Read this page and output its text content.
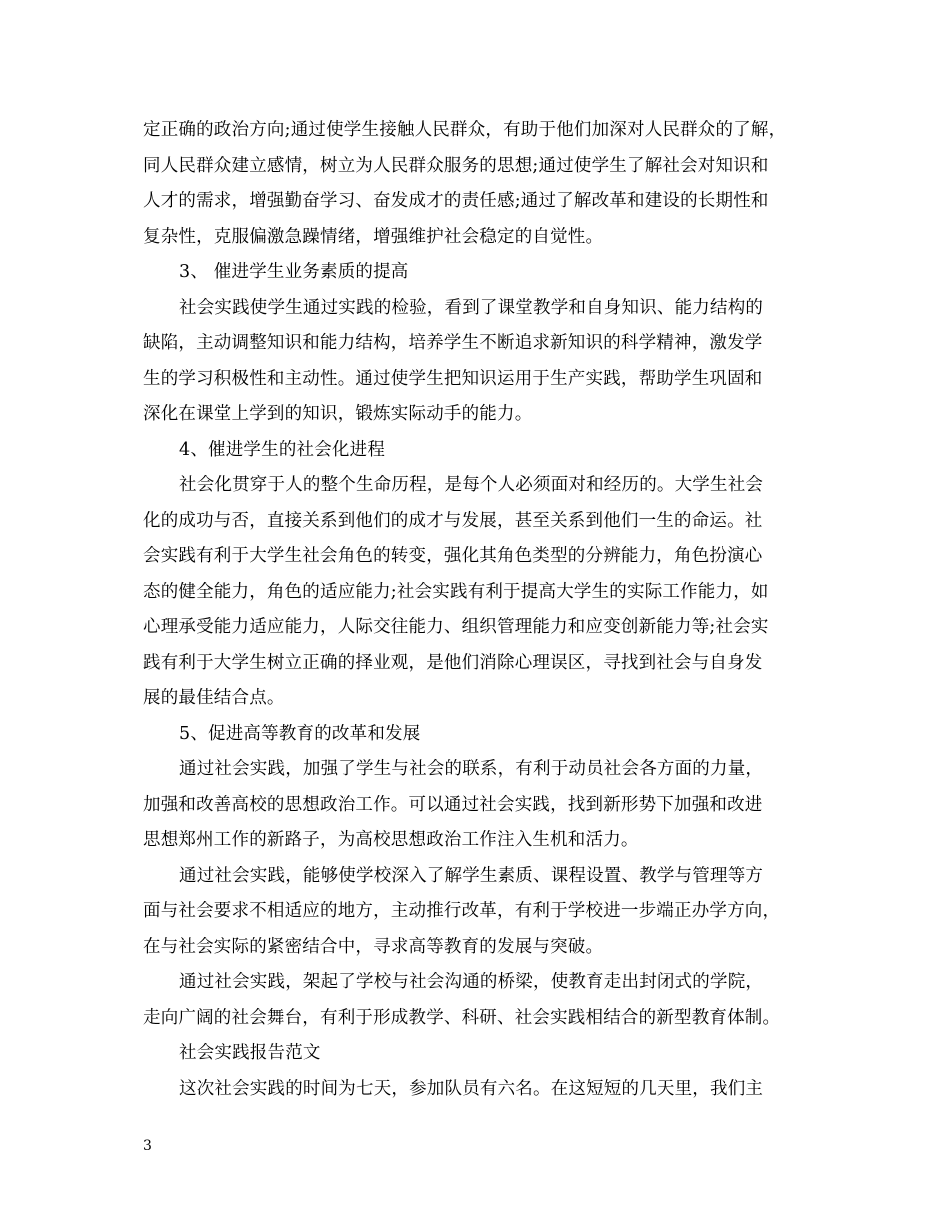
定正确的政治方向;通过使学生接触人民群众，有助于他们加深对人民群众的了解，
同人民群众建立感情，树立为人民群众服务的思想;通过使学生了解社会对知识和
人才的需求，增强勤奋学习、奋发成才的责任感;通过了解改革和建设的长期性和
复杂性，克服偏激急躁情绪，增强维护社会稳定的自觉性。
3、 催进学生业务素质的提高
社会实践使学生通过实践的检验，看到了课堂教学和自身知识、能力结构的
缺陷，主动调整知识和能力结构，培养学生不断追求新知识的科学精神，激发学
生的学习积极性和主动性。通过使学生把知识运用于生产实践，帮助学生巩固和
深化在课堂上学到的知识，锻炼实际动手的能力。
4、催进学生的社会化进程
社会化贯穿于人的整个生命历程，是每个人必须面对和经历的。大学生社会
化的成功与否，直接关系到他们的成才与发展，甚至关系到他们一生的命运。社
会实践有利于大学生社会角色的转变，强化其角色类型的分辨能力，角色扮演心
态的健全能力，角色的适应能力;社会实践有利于提高大学生的实际工作能力，如
心理承受能力适应能力，人际交往能力、组织管理能力和应变创新能力等;社会实
践有利于大学生树立正确的择业观，是他们消除心理误区，寻找到社会与自身发
展的最佳结合点。
5、促进高等教育的改革和发展
通过社会实践，加强了学生与社会的联系，有利于动员社会各方面的力量，
加强和改善高校的思想政治工作。可以通过社会实践，找到新形势下加强和改进
思想郑州工作的新路子，为高校思想政治工作注入生机和活力。
通过社会实践，能够使学校深入了解学生素质、课程设置、教学与管理等方
面与社会要求不相适应的地方，主动推行改革，有利于学校进一步端正办学方向，
在与社会实际的紧密结合中，寻求高等教育的发展与突破。
通过社会实践，架起了学校与社会沟通的桥梁，使教育走出封闭式的学院，
走向广阔的社会舞台，有利于形成教学、科研、社会实践相结合的新型教育体制。
社会实践报告范文
这次社会实践的时间为七天，参加队员有六名。在这短短的几天里，我们主
3
